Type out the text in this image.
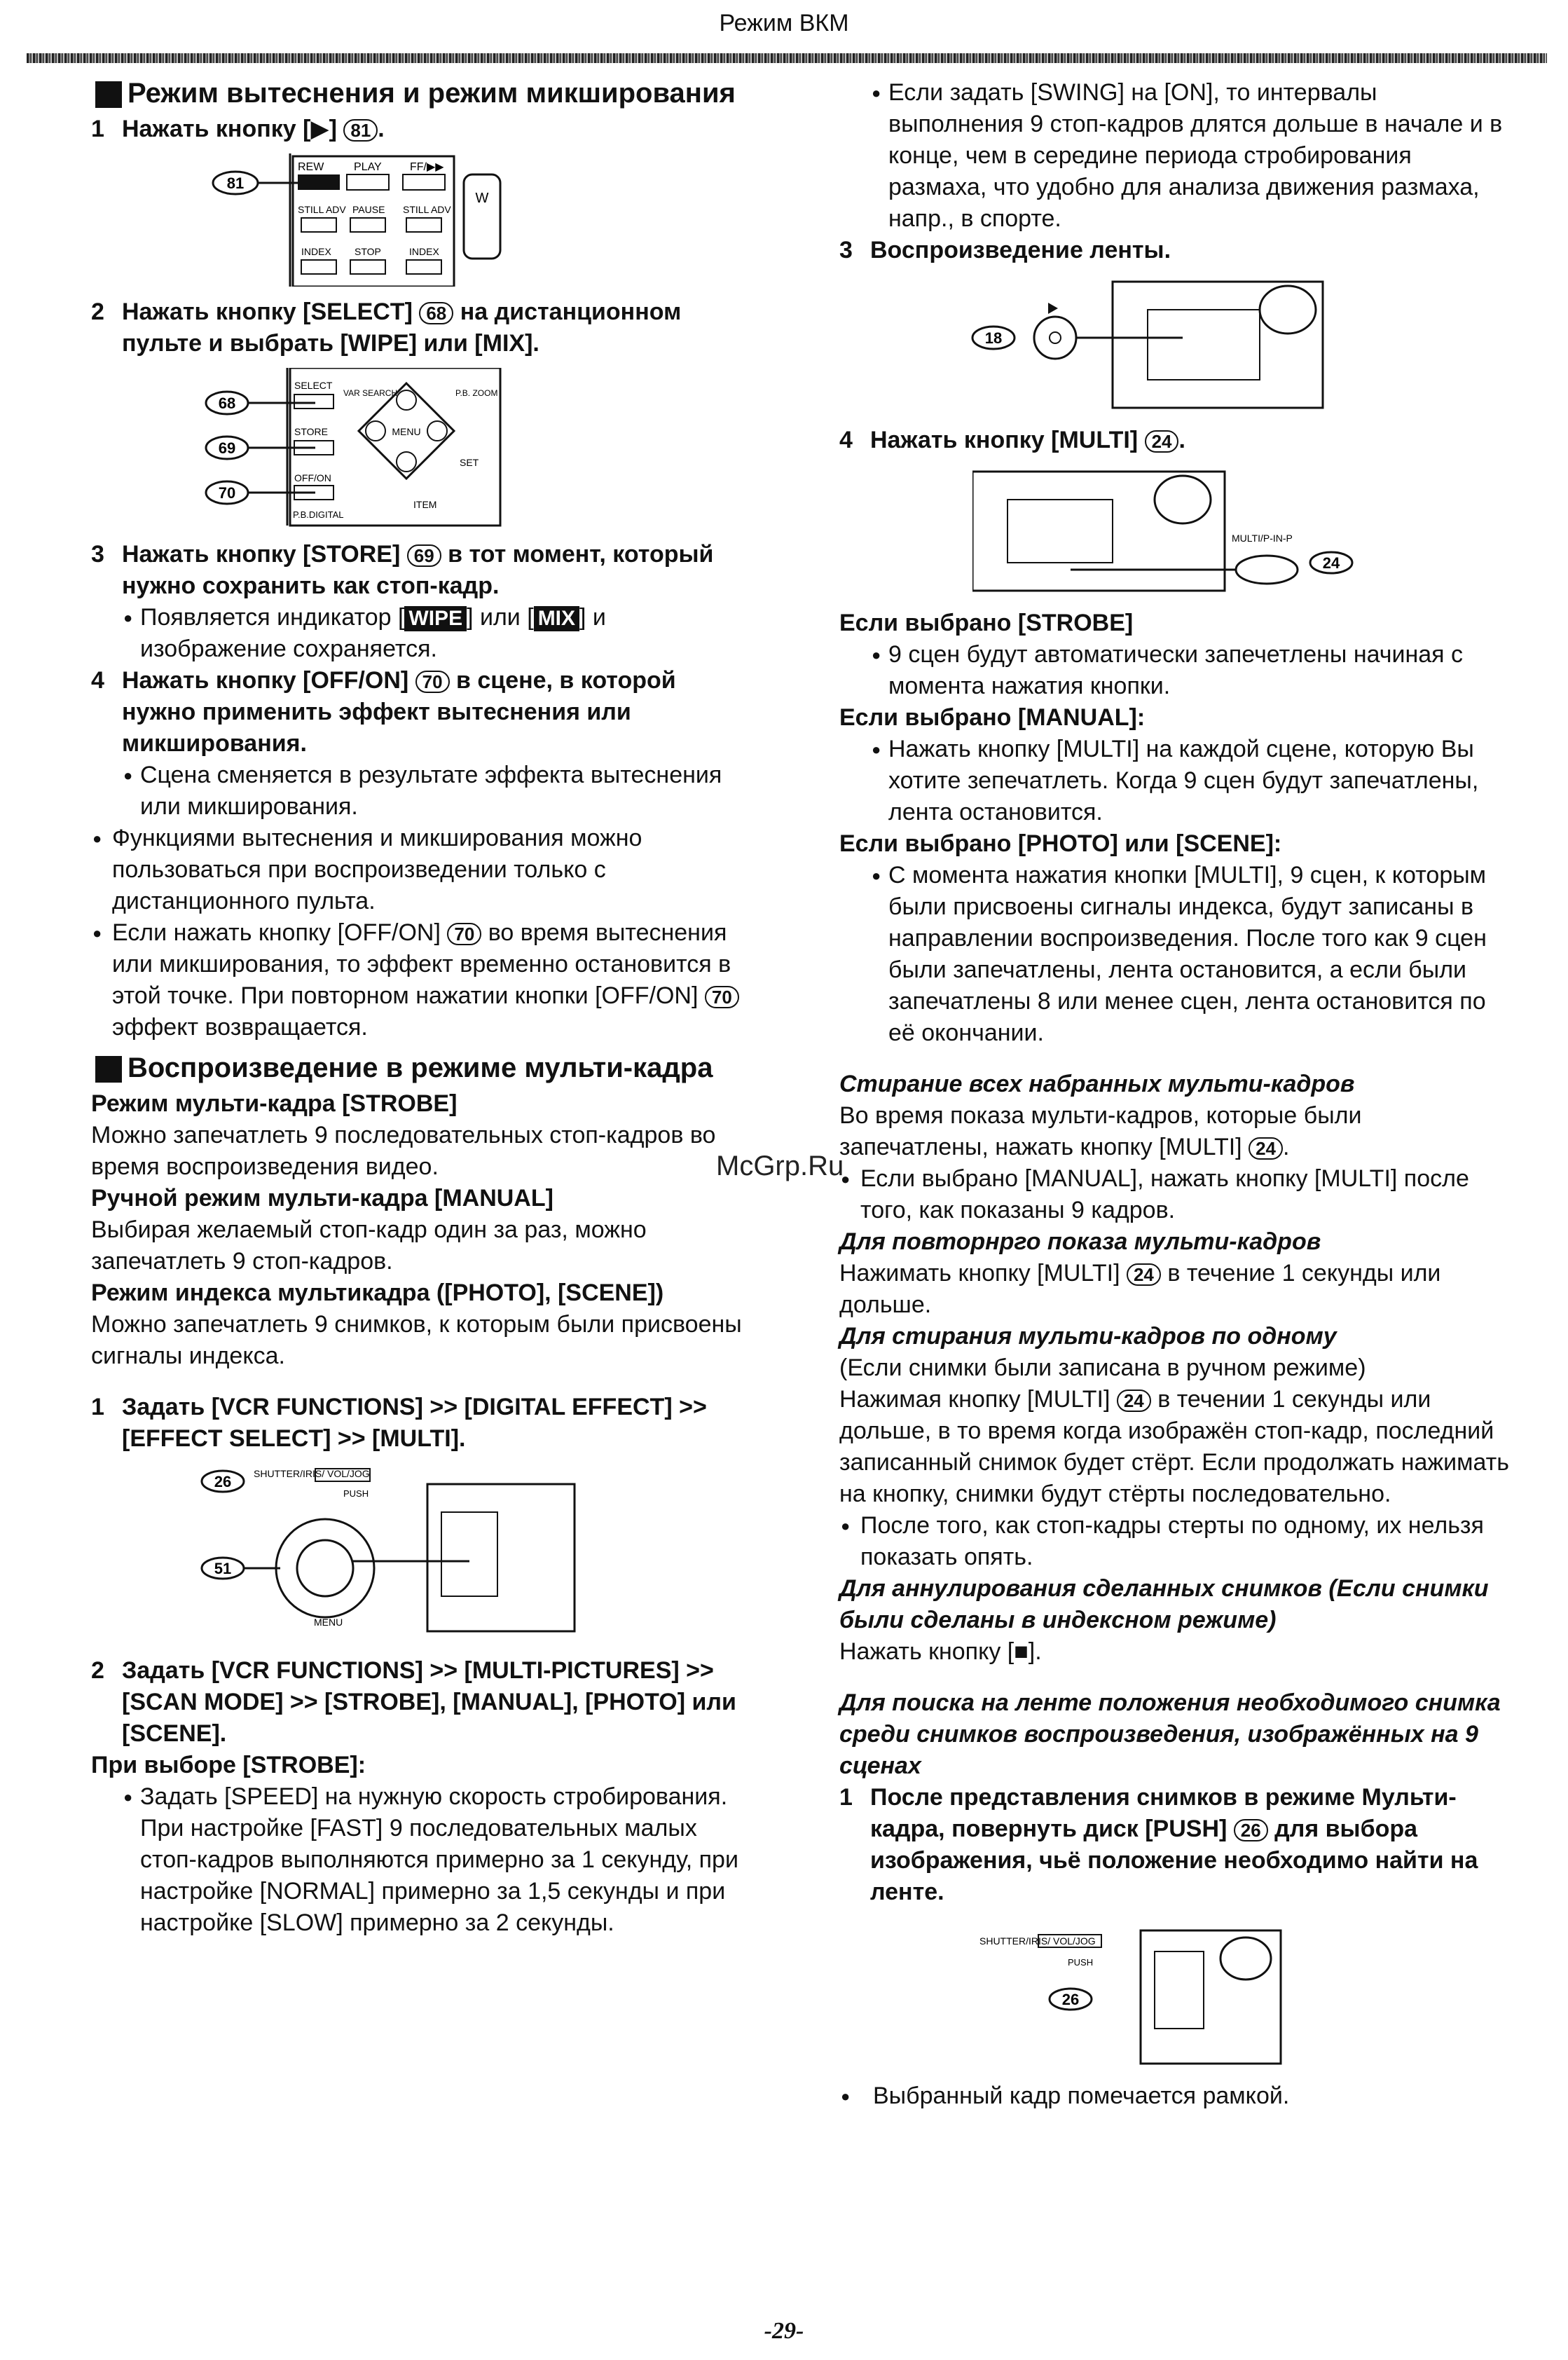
Режим ВКМ
McGrp.Ru
Режим вытеснения и режим микширования
1 Нажать кнопку [▶] 81 .
81
REW	PLAY	FF/▶▶
STILL ADV PAUSE STILL ADV
INDEX STOP	INDEX
W
2 Нажать кнопку [SELECT] 68 на дистанционном пульте и выбрать [WIPE] или [MIX].
68
69
70
SELECT
STORE
OFF/ON
P.B.DIGITAL
VAR SEARCH	P.B. ZOOM
MENU
SET
ITEM
3 Нажать кнопку [STORE] 69 в тот момент, который нужно сохранить как стоп-кадр.
● Появляется индикатор [ WIPE ] или [ MIX ] и изображение сохраняется.
4 Нажать кнопку [OFF/ON] 70 в сцене, в которой нужно применить эффект вытеснения или микширования.
● Сцена сменяется в результате эффекта вытеснения или микширования.
● Функциями вытеснения и микширования можно пользоваться при воспроизведении только с дистанционного пульта.
● Если нажать кнопку [OFF/ON] 70 во время вытеснения или микширования, то эффект временно остановится в этой точке. При повторном нажатии кнопки [OFF/ON] 70 эффект возвращается.
Воспроизведение в режиме мульти-кадра
Режим мульти-кадра [STROBE]
Можно запечатлеть 9 последовательных стоп-кадров во время воспроизведения видео.
Ручной режим мульти-кадра [MANUAL]
Выбирая желаемый стоп-кадр один за раз, можно запечатлеть 9 стоп-кадров.
Режим индекса мультикадра ([PHOTO], [SCENE])
Можно запечатлеть 9 снимков, к которым были присвоены сигналы индекса.
1 Задать [VCR FUNCTIONS] >> [DIGITAL EFFECT] >> [EFFECT SELECT] >> [MULTI].
26 SHUTTER/IRIS/ VOL/JOG
PUSH
51
MENU
2 Задать [VCR FUNCTIONS] >> [MULTI-PICTURES] >> [SCAN MODE] >> [STROBE], [MANUAL], [PHOTO] или [SCENE].
При выборе [STROBE]:
● Задать [SPEED] на нужную скорость стробирования. При настройке [FAST] 9 последовательных малых стоп-кадров выполняются примерно за 1 секунду, при настройке [NORMAL] примерно за 1,5 секунды и при настройке [SLOW] примерно за 2 секунды.
● Если задать [SWING] на [ON], то интервалы выполнения 9 стоп-кадров длятся дольше в начале и в конце, чем в середине периода стробирования размаха, что удобно для анализа движения размаха, напр., в спорте.
3 Воспроизведение ленты.
18
4 Нажать кнопку [MULTI] 24 .
MULTI/P-IN-P
24
Если выбрано [STROBE]
● 9 сцен будут автоматически запечетлены начиная с момента нажатия кнопки.
Если выбрано [MANUAL]:
● Нажать кнопку [MULTI] на каждой сцене, которую Вы хотите зепечатлеть. Когда 9 сцен будут запечатлены, лента остановится.
Если выбрано [PHOTO] или [SCENE]:
● С момента нажатия кнопки [MULTI], 9 сцен, к которым были присвоены сигналы индекса, будут записаны в направлении воспроизведения. После того как 9 сцен были запечатлены, лента остановится, а если были запечатлены 8 или менее сцен, лента остановится по её окончании.
Стирание всех набранных мульти-кадров
Во время показа мульти-кадров, которые были запечатлены, нажать кнопку [MULTI] 24 .
● Если выбрано [MANUAL], нажать кнопку [MULTI] после того, как показаны 9 кадров.
Для повторнрго показа мульти-кадров
Нажимать кнопку [MULTI] 24 в течение 1 секунды или дольше.
Для стирания мульти-кадров по одному
(Если снимки были записана в ручном режиме)
Нажимая кнопку [MULTI] 24 в течении 1 секунды или дольше, в то время когда изображён стоп-кадр, последний записанный снимок будет стёрт. Если продолжать нажимать на кнопку, снимки будут стёрты последовательно.
● После того, как стоп-кадры стерты по одному, их нельзя показать опять.
Для аннулирования сделанных снимков (Если снимки были сделаны в индексном режиме)
Нажать кнопку [■].
Для поиска на ленте положения необходимого снимка среди снимков воспроизведения, изображённых на 9 сценах
1 После представления снимков в режиме Мульти-кадра, повернуть диск [PUSH] 26 для выбора изображения, чьё положение необходимо найти на ленте.
SHUTTER/IRIS/ VOL/JOG
PUSH
26
● Выбранный кадр помечается рамкой.
-29-
